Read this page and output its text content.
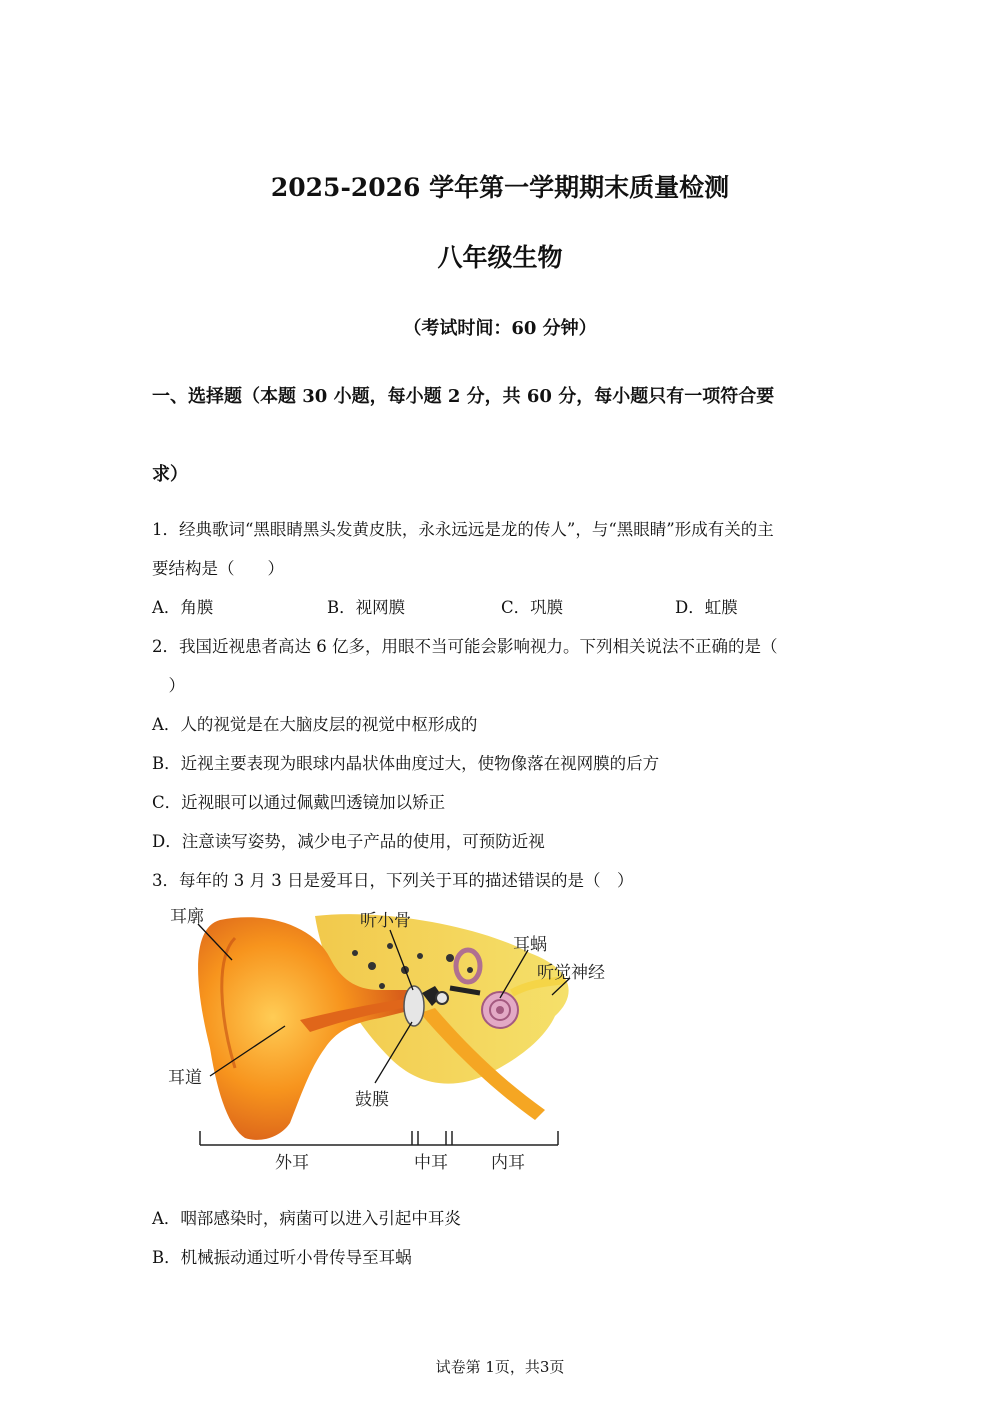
2025-2026 学年第一学期期末质量检测
八年级生物
（考试时间：60 分钟）
一、选择题（本题 30 小题，每小题 2 分，共 60 分，每小题只有一项符合要
求）
1．经典歌词“黑眼睛黑头发黄皮肤，永永远远是龙的传人”，与“黑眼睛”形成有关的主
要结构是（　　）
A．角膜	B．视网膜	C．巩膜	D．虹膜
2．我国近视患者高达 6 亿多，用眼不当可能会影响视力。下列相关说法不正确的是（
　）
A．人的视觉是在大脑皮层的视觉中枢形成的
B．近视主要表现为眼球内晶状体曲度过大，使物像落在视网膜的后方
C．近视眼可以通过佩戴凹透镜加以矫正
D．注意读写姿势，减少电子产品的使用，可预防近视
3．每年的 3 月 3 日是爱耳日，下列关于耳的描述错误的是（　）
耳廓	听小骨
耳蜗
听觉神经
耳道
鼓膜
外耳	中耳	内耳
A．咽部感染时，病菌可以进入引起中耳炎
B．机械振动通过听小骨传导至耳蜗
试卷第 1页，共3页
